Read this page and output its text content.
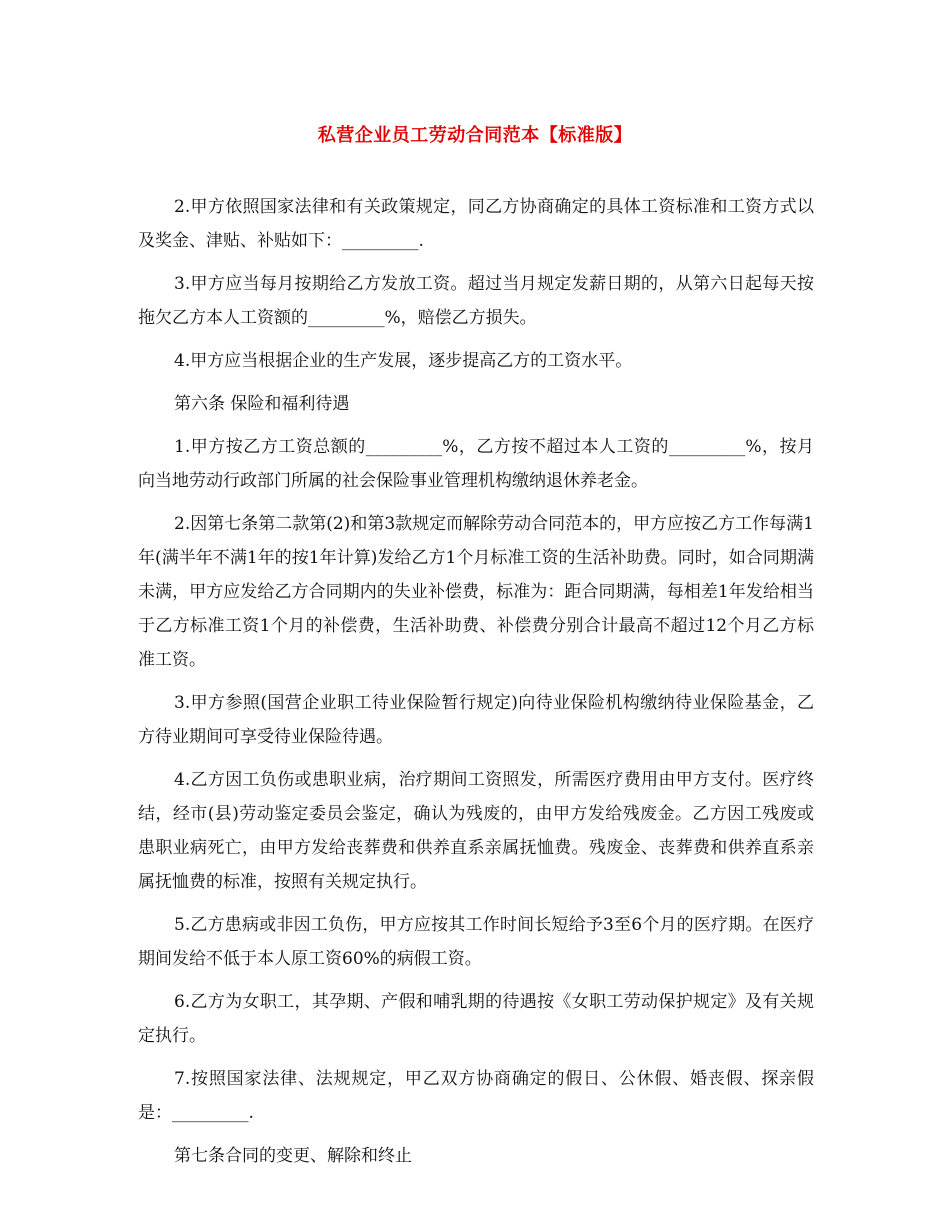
私营企业员工劳动合同范本【标准版】

2.甲方依照国家法律和有关政策规定，同乙方协商确定的具体工资标准和工资方式以及奖金、津贴、补贴如下：_________.

3.甲方应当每月按期给乙方发放工资。超过当月规定发薪日期的，从第六日起每天按拖欠乙方本人工资额的_________%，赔偿乙方损失。

4.甲方应当根据企业的生产发展，逐步提高乙方的工资水平。

第六条 保险和福利待遇

1.甲方按乙方工资总额的_________%，乙方按不超过本人工资的_________%，按月向当地劳动行政部门所属的社会保险事业管理机构缴纳退休养老金。

2.因第七条第二款第(2)和第3款规定而解除劳动合同范本的，甲方应按乙方工作每满1年(满半年不满1年的按1年计算)发给乙方1个月标准工资的生活补助费。同时，如合同期满未满，甲方应发给乙方合同期内的失业补偿费，标准为：距合同期满，每相差1年发给相当于乙方标准工资1个月的补偿费，生活补助费、补偿费分别合计最高不超过12个月乙方标准工资。

3.甲方参照(国营企业职工待业保险暂行规定)向待业保险机构缴纳待业保险基金，乙方待业期间可享受待业保险待遇。

4.乙方因工负伤或患职业病，治疗期间工资照发，所需医疗费用由甲方支付。医疗终结，经市(县)劳动鉴定委员会鉴定，确认为残废的，由甲方发给残废金。乙方因工残废或患职业病死亡，由甲方发给丧葬费和供养直系亲属抚恤费。残废金、丧葬费和供养直系亲属抚恤费的标准，按照有关规定执行。

5.乙方患病或非因工负伤，甲方应按其工作时间长短给予3至6个月的医疗期。在医疗期间发给不低于本人原工资60%的病假工资。

6.乙方为女职工，其孕期、产假和哺乳期的待遇按《女职工劳动保护规定》及有关规定执行。

7.按照国家法律、法规规定，甲乙双方协商确定的假日、公休假、婚丧假、探亲假是：_________.

第七条合同的变更、解除和终止
